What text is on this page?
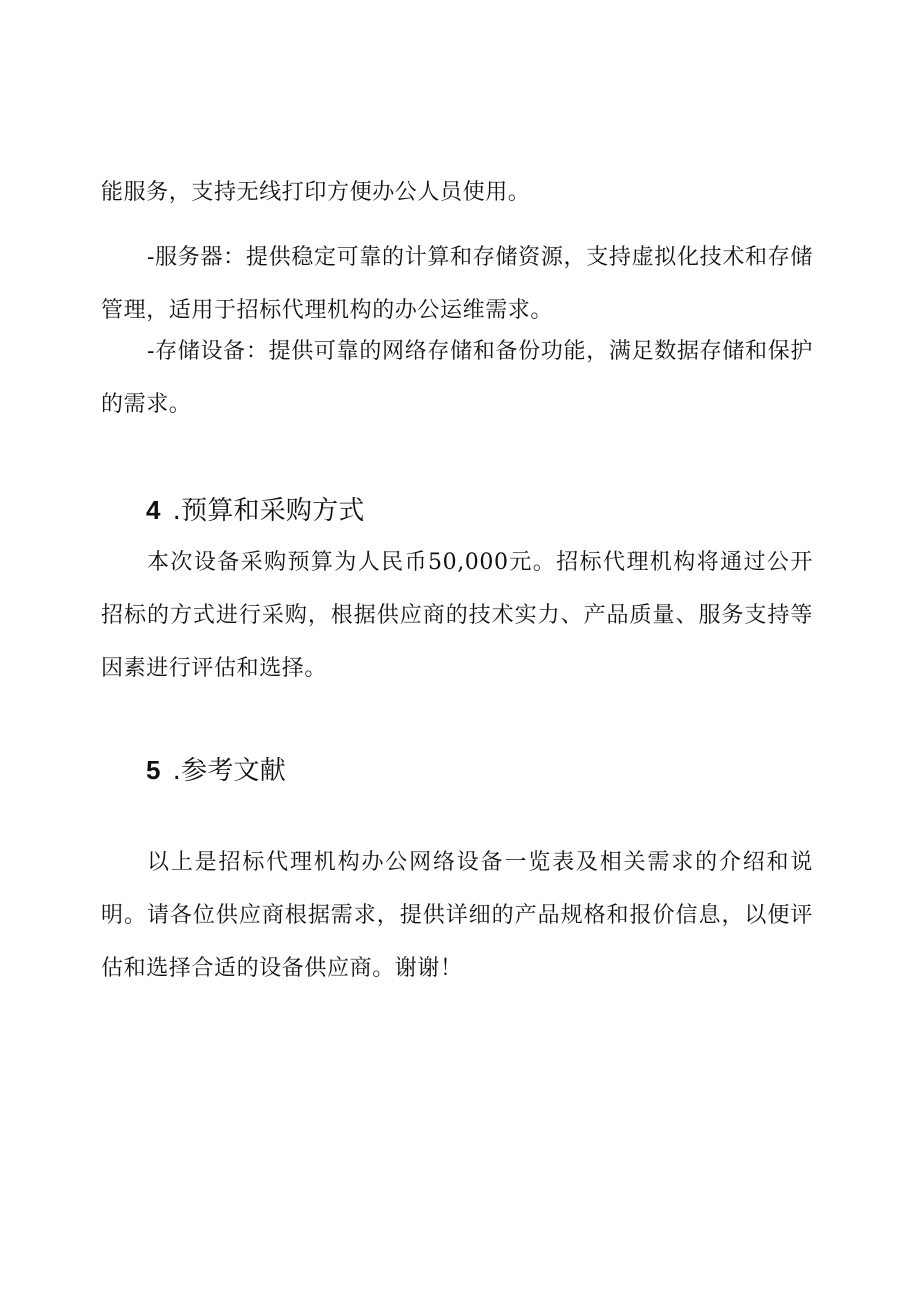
能服务，支持无线打印方便办公人员使用。

-服务器：提供稳定可靠的计算和存储资源，支持虚拟化技术和存储管理，适用于招标代理机构的办公运维需求。

-存储设备：提供可靠的网络存储和备份功能，满足数据存储和保护的需求。

4 .预算和采购方式

本次设备采购预算为人民币50,000元。招标代理机构将通过公开招标的方式进行采购，根据供应商的技术实力、产品质量、服务支持等因素进行评估和选择。

5 .参考文献

以上是招标代理机构办公网络设备一览表及相关需求的介绍和说明。请各位供应商根据需求，提供详细的产品规格和报价信息，以便评估和选择合适的设备供应商。谢谢！
